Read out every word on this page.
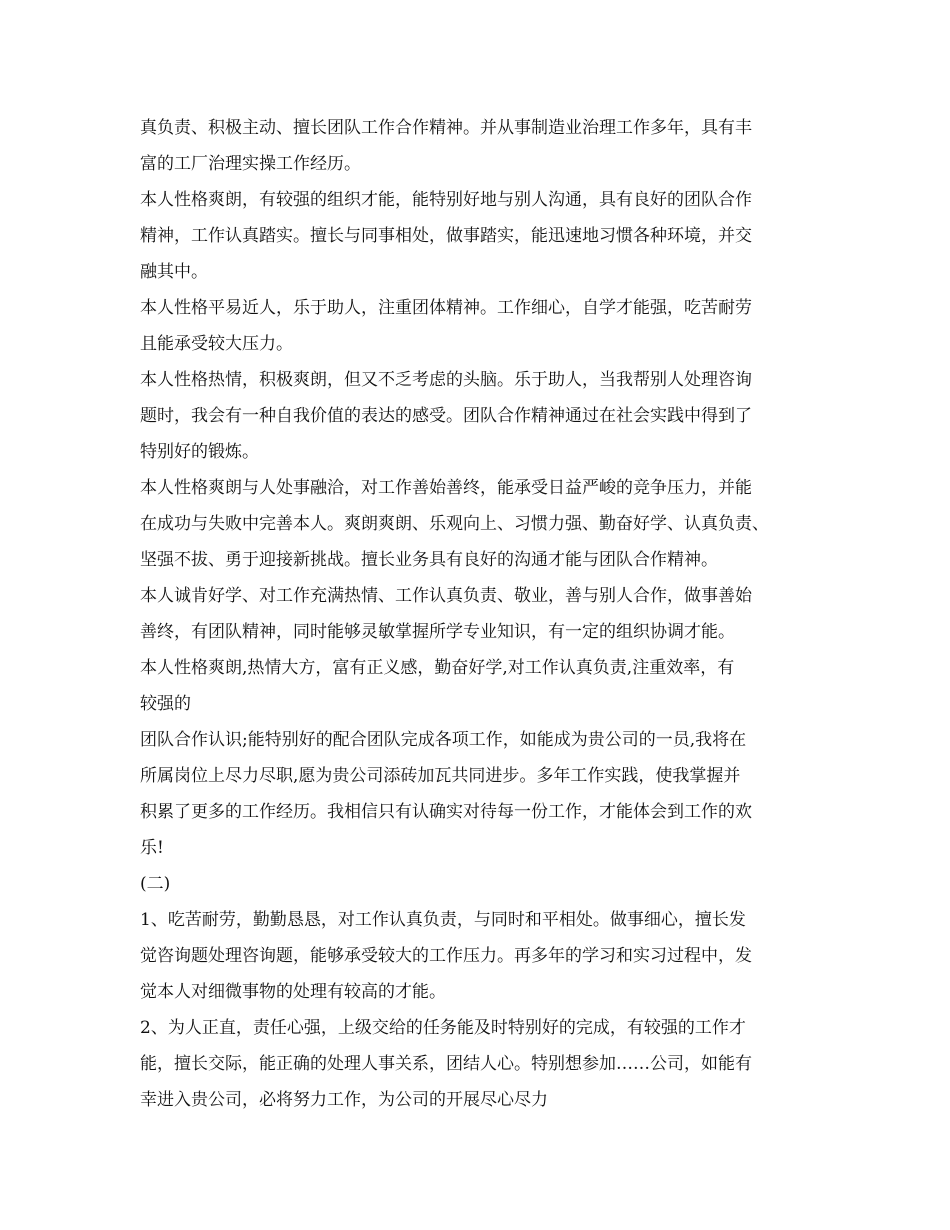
真负责、积极主动、擅长团队工作合作精神。并从事制造业治理工作多年，具有丰
富的工厂治理实操工作经历。
本人性格爽朗，有较强的组织才能，能特别好地与别人沟通，具有良好的团队合作
精神，工作认真踏实。擅长与同事相处，做事踏实，能迅速地习惯各种环境，并交
融其中。
本人性格平易近人，乐于助人，注重团体精神。工作细心，自学才能强，吃苦耐劳
且能承受较大压力。
本人性格热情，积极爽朗，但又不乏考虑的头脑。乐于助人，当我帮别人处理咨询
题时，我会有一种自我价值的表达的感受。团队合作精神通过在社会实践中得到了
特别好的锻炼。
本人性格爽朗与人处事融洽，对工作善始善终，能承受日益严峻的竞争压力，并能
在成功与失败中完善本人。爽朗爽朗、乐观向上、习惯力强、勤奋好学、认真负责、
坚强不拔、勇于迎接新挑战。擅长业务具有良好的沟通才能与团队合作精神。
本人诚肯好学、对工作充满热情、工作认真负责、敬业，善与别人合作，做事善始
善终，有团队精神，同时能够灵敏掌握所学专业知识，有一定的组织协调才能。
本人性格爽朗,热情大方，富有正义感，勤奋好学,对工作认真负责,注重效率，有
较强的
团队合作认识;能特别好的配合团队完成各项工作，如能成为贵公司的一员,我将在
所属岗位上尽力尽职,愿为贵公司添砖加瓦共同进步。多年工作实践，使我掌握并
积累了更多的工作经历。我相信只有认确实对待每一份工作，才能体会到工作的欢
乐!
(二)
1、吃苦耐劳，勤勤恳恳，对工作认真负责，与同时和平相处。做事细心，擅长发
觉咨询题处理咨询题，能够承受较大的工作压力。再多年的学习和实习过程中，发
觉本人对细微事物的处理有较高的才能。
2、为人正直，责任心强，上级交给的任务能及时特别好的完成，有较强的工作才
能，擅长交际，能正确的处理人事关系，团结人心。特别想参加……公司，如能有
幸进入贵公司，必将努力工作，为公司的开展尽心尽力
